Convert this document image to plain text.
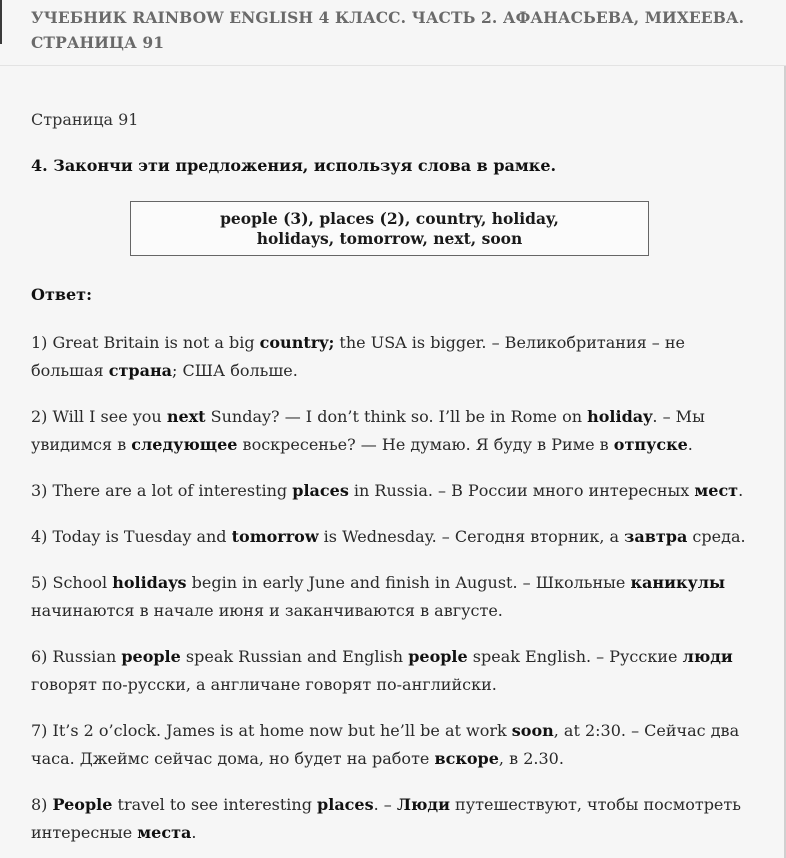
УЧЕБНИК RAINBOW ENGLISH 4 КЛАСС. ЧАСТЬ 2. АФАНАСЬЕВА, МИХЕЕВА. СТРАНИЦА 91

Страница 91

4. Закончи эти предложения, используя слова в рамке.

people (3), places (2), country, holiday,
holidays, tomorrow, next, soon

Ответ:

1) Great Britain is not a big country; the USA is bigger. – Великобритания – не большая страна; США больше.
2) Will I see you next Sunday? — I don’t think so. I’ll be in Rome on holiday. – Мы увидимся в следующее воскресенье? — Не думаю. Я буду в Риме в отпуске.
3) There are a lot of interesting places in Russia. – В России много интересных мест.
4) Today is Tuesday and tomorrow is Wednesday. – Сегодня вторник, а завтра среда.
5) School holidays begin in early June and finish in August. – Школьные каникулы начинаются в начале июня и заканчиваются в августе.
6) Russian people speak Russian and English people speak English. – Русские люди говорят по-русски, а англичане говорят по-английски.
7) It’s 2 o’clock. James is at home now but he’ll be at work soon, at 2:30. – Сейчас два часа. Джеймс сейчас дома, но будет на работе вскоре, в 2.30.
8) People travel to see interesting places. – Люди путешествуют, чтобы посмотреть интересные места.
